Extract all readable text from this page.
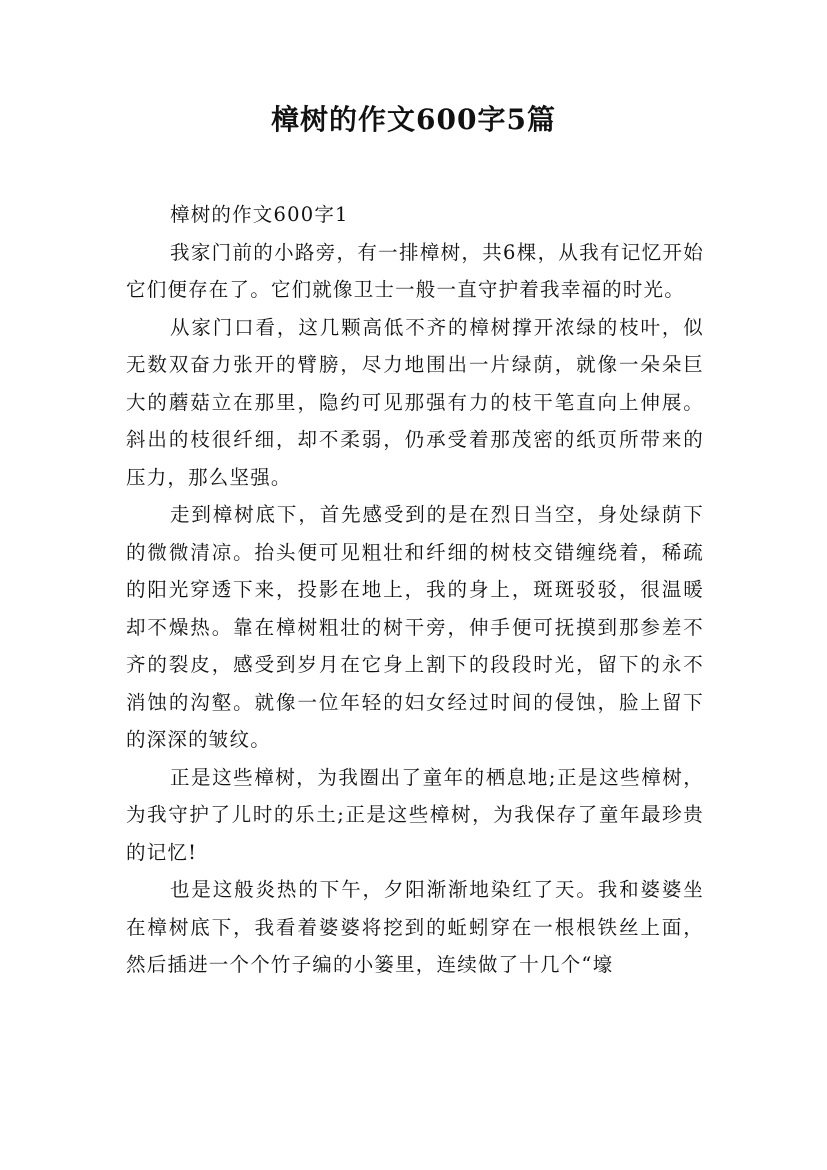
樟树的作文600字5篇

樟树的作文600字1

我家门前的小路旁，有一排樟树，共6棵，从我有记忆开始它们便存在了。它们就像卫士一般一直守护着我幸福的时光。

从家门口看，这几颗高低不齐的樟树撑开浓绿的枝叶，似无数双奋力张开的臂膀，尽力地围出一片绿荫，就像一朵朵巨大的蘑菇立在那里，隐约可见那强有力的枝干笔直向上伸展。斜出的枝很纤细，却不柔弱，仍承受着那茂密的纸页所带来的压力，那么坚强。

走到樟树底下，首先感受到的是在烈日当空，身处绿荫下的微微清凉。抬头便可见粗壮和纤细的树枝交错缠绕着，稀疏的阳光穿透下来，投影在地上，我的身上，斑斑驳驳，很温暖却不燥热。靠在樟树粗壮的树干旁，伸手便可抚摸到那参差不齐的裂皮，感受到岁月在它身上割下的段段时光，留下的永不消蚀的沟壑。就像一位年轻的妇女经过时间的侵蚀，脸上留下的深深的皱纹。

正是这些樟树，为我圈出了童年的栖息地;正是这些樟树，为我守护了儿时的乐土;正是这些樟树，为我保存了童年最珍贵的记忆!

也是这般炎热的下午，夕阳渐渐地染红了天。我和婆婆坐在樟树底下，我看着婆婆将挖到的蚯蚓穿在一根根铁丝上面，然后插进一个个竹子编的小篓里，连续做了十几个“壕
